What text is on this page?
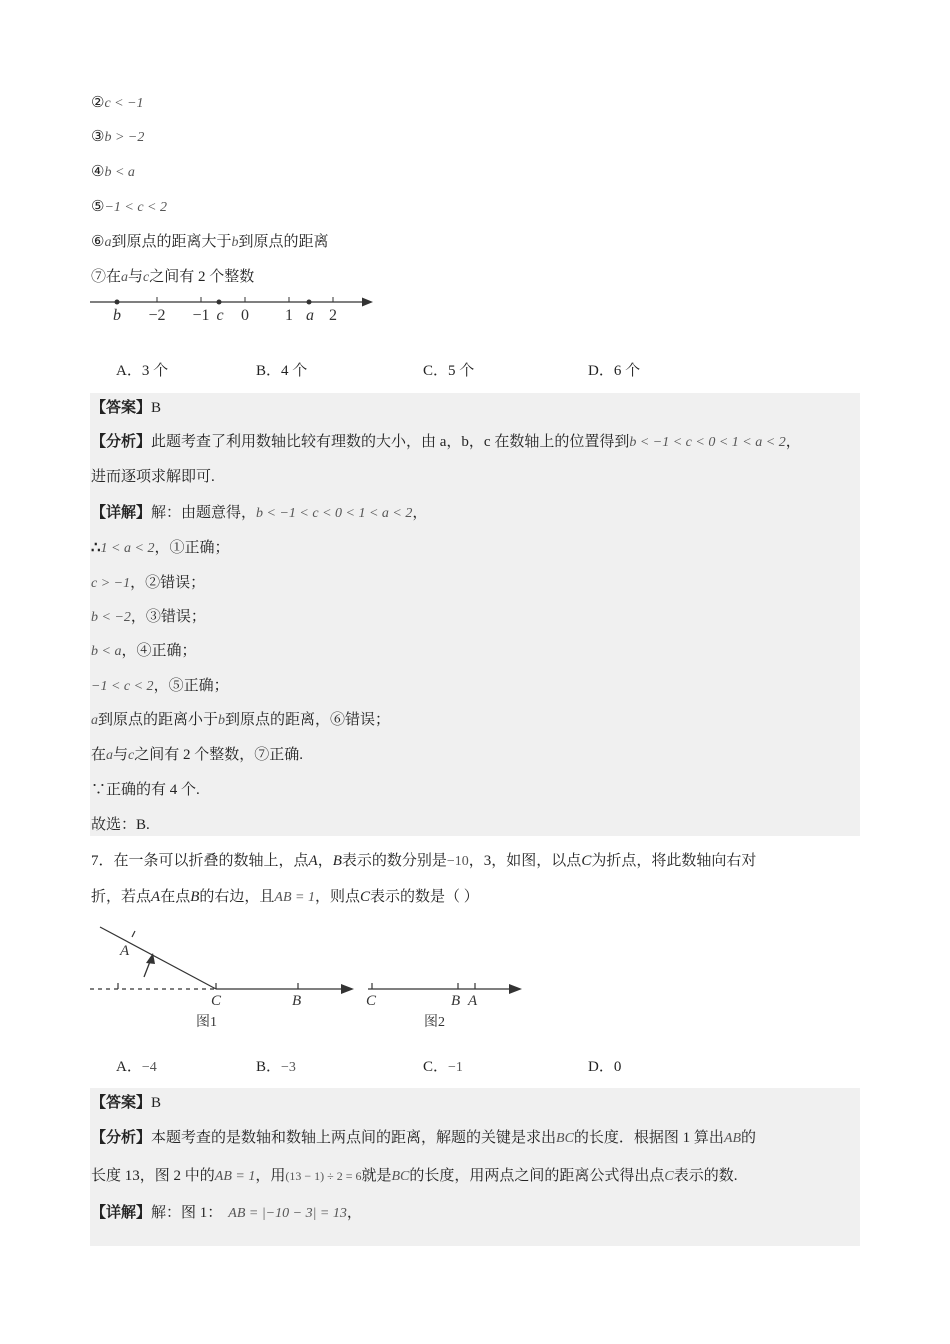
②c < −1
③b > −2
④b < a
⑤−1 < c < 2
⑥a到原点的距离大于b到原点的距离
⑦在a与c之间有 2 个整数
b −2 −1 c 0 1 a 2
A．3 个	B．4 个	C．5 个	D．6 个
【答案】B
【分析】此题考查了利用数轴比较有理数的大小，由 a，b，c 在数轴上的位置得到b < −1 < c < 0 < 1 < a < 2，
进而逐项求解即可.
【详解】解：由题意得，b < −1 < c < 0 < 1 < a < 2，
∴1 < a < 2，①正确；
c > −1，②错误；
b < −2，③错误；
b < a，④正确；
−1 < c < 2，⑤正确；
a到原点的距离小于b到原点的距离，⑥错误；
在a与c之间有 2 个整数，⑦正确.
∵正确的有 4 个.
故选：B.
7．在一条可以折叠的数轴上，点A，B表示的数分别是−10，3，如图，以点C为折点，将此数轴向右对
折，若点A在点B的右边，且AB = 1，则点C表示的数是（ ）
A
C	B
图1
C	B A
图2
A．−4	B．−3	C．−1	D．0
【答案】B
【分析】本题考查的是数轴和数轴上两点间的距离，解题的关键是求出BC的长度．根据图 1 算出AB的
长度 13，图 2 中的AB = 1，用(13 − 1) ÷ 2 = 6就是BC的长度，用两点之间的距离公式得出点C表示的数.
【详解】解：图 1： AB = |−10 − 3| = 13，
